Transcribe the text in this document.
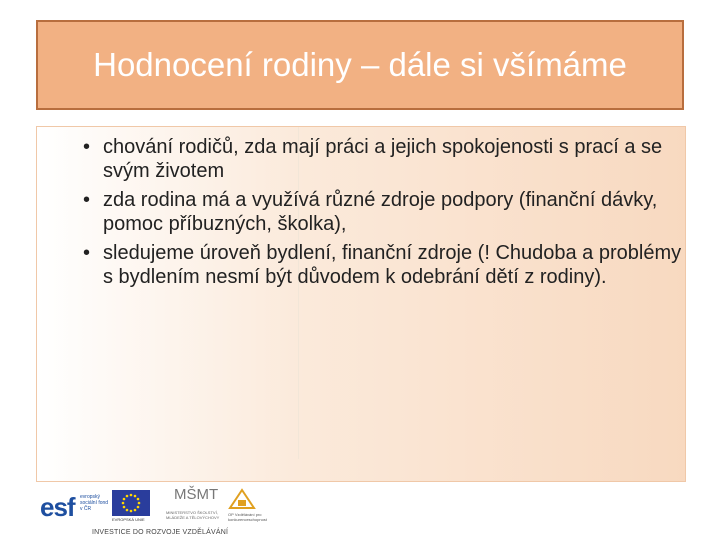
Hodnocení rodiny – dále si všímáme
• chování rodičů, zda mají práci a jejich spokojenosti s prací a se svým životem
• zda rodina má a využívá různé zdroje podpory (finanční dávky, pomoc příbuzných, školka),
• sledujeme úroveň bydlení, finanční zdroje (! Chudoba a problémy s bydlením nesmí být důvodem k odebrání dětí z rodiny).
esf evropský sociální fond v ČR
EVROPSKÁ UNIE
MŠMT
MINISTERSTVO ŠKOLSTVÍ, MLÁDEŽE A TĚLOVÝCHOVY
OP Vzdělávání pro konkurenceschopnost
INVESTICE DO ROZVOJE VZDĚLÁVÁNÍ
